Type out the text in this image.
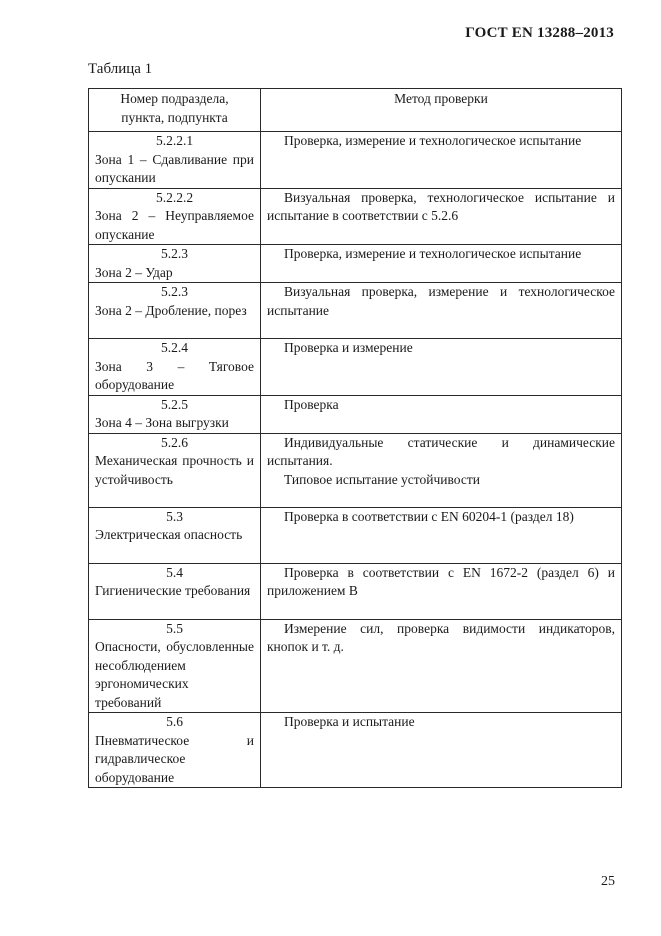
ГОСТ EN 13288–2013
Таблица 1
Номер подраздела,
пункта, подпункта	Метод проверки

5.2.2.1
Зона 1 – Сдавливание при опускании	Проверка, измерение и технологическое испытание

5.2.2.2
Зона 2 – Неуправляемое опускание	Визуальная проверка, технологическое испытание и испытание в соответствии с 5.2.6

5.2.3
Зона 2 – Удар	Проверка, измерение и технологическое испытание

5.2.3
Зона 2 – Дробление, порез	Визуальная проверка, измерение и технологическое испытание

5.2.4
Зона 3 – Тяговое оборудование	Проверка и измерение

5.2.5
Зона 4 – Зона выгрузки	Проверка

5.2.6
Механическая прочность и устойчивость	Индивидуальные статические и динамические испытания.
Типовое испытание устойчивости

5.3
Электрическая опасность	Проверка в соответствии с EN 60204-1 (раздел 18)

5.4
Гигиенические требования	Проверка в соответствии с EN 1672-2 (раздел 6) и приложением В

5.5
Опасности, обусловленные несоблюдением эргономических требований	Измерение сил, проверка видимости индикаторов, кнопок и т. д.

5.6
Пневматическое и гидравлическое оборудование	Проверка и испытание
25
